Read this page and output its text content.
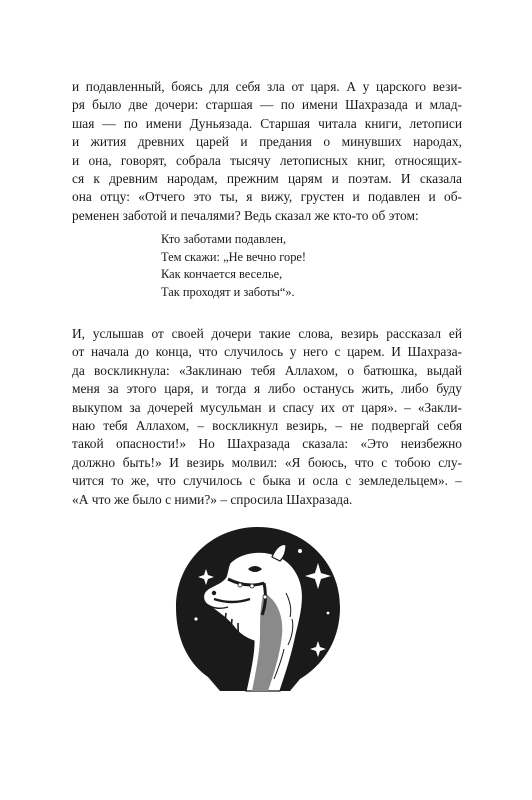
и подавленный, боясь для себя зла от царя. А у царского вези-
ря было две дочери: старшая — по имени Шахразада и млад-
шая — по имени Дуньязада. Старшая читала книги, летописи
и жития древних царей и предания о минувших народах,
и она, говорят, собрала тысячу летописных книг, относящих-
ся к древним народам, прежним царям и поэтам. И сказала
она отцу: «Отчего это ты, я вижу, грустен и подавлен и об-
ременен заботой и печалями? Ведь сказал же кто-то об этом:

Кто заботами подавлен,
Тем скажи: „Не вечно горе!
Как кончается веселье,
Так проходят и заботы“».

И, услышав от своей дочери такие слова, везирь рассказал ей
от начала до конца, что случилось у него с царем. И Шахраза-
да воскликнула: «Заклинаю тебя Аллахом, о батюшка, выдай
меня за этого царя, и тогда я либо останусь жить, либо буду
выкупом за дочерей мусульман и спасу их от царя». – «Закли-
наю тебя Аллахом, – воскликнул везирь, – не подвергай себя
такой опасности!» Но Шахразада сказала: «Это неизбежно
должно быть!» И везирь молвил: «Я боюсь, что с тобою слу-
чится то же, что случилось с быка и осла с земледельцем». –
«А что же было с ними?» – спросила Шахразада.
